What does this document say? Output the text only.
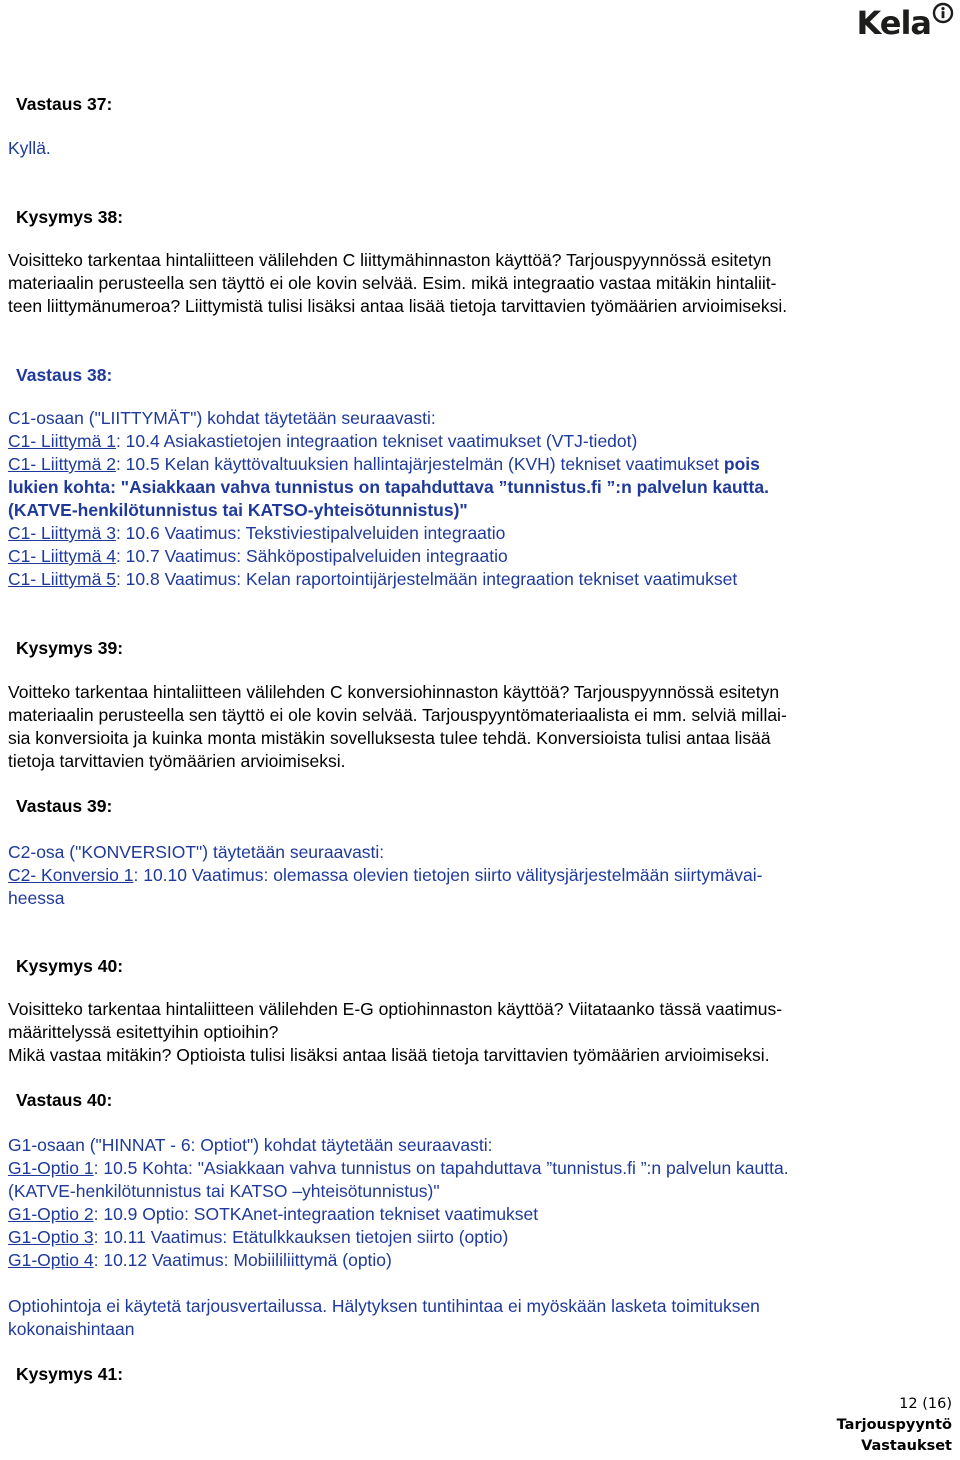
Kela
Vastaus 37:
Kyllä.
Kysymys 38:
Voisitteko tarkentaa hintaliitteen välilehden C liittymähinnaston käyttöä? Tarjouspyynnössä esitetyn
materiaalin perusteella sen täyttö ei ole kovin selvää. Esim. mikä integraatio vastaa mitäkin hintaliit-
teen liittymänumeroa? Liittymistä tulisi lisäksi antaa lisää tietoja tarvittavien työmäärien arvioimiseksi.
Vastaus 38:
C1-osaan ("LIITTYMÄT") kohdat täytetään seuraavasti:
C1- Liittymä 1: 10.4 Asiakastietojen integraation tekniset vaatimukset (VTJ-tiedot)
C1- Liittymä 2: 10.5 Kelan käyttövaltuuksien hallintajärjestelmän (KVH) tekniset vaatimukset pois
lukien kohta: "Asiakkaan vahva tunnistus on tapahduttava ”tunnistus.fi ”:n palvelun kautta.
(KATVE-henkilötunnistus tai KATSO-yhteisötunnistus)"
C1- Liittymä 3: 10.6 Vaatimus: Tekstiviestipalveluiden integraatio
C1- Liittymä 4: 10.7 Vaatimus: Sähköpostipalveluiden integraatio
C1- Liittymä 5: 10.8 Vaatimus: Kelan raportointijärjestelmään integraation tekniset vaatimukset
Kysymys 39:
Voitteko tarkentaa hintaliitteen välilehden C konversiohinnaston käyttöä? Tarjouspyynnössä esitetyn
materiaalin perusteella sen täyttö ei ole kovin selvää. Tarjouspyyntömateriaalista ei mm. selviä millai-
sia konversioita ja kuinka monta mistäkin sovelluksesta tulee tehdä. Konversioista tulisi antaa lisää
tietoja tarvittavien työmäärien arvioimiseksi.
Vastaus 39:
C2-osa ("KONVERSIOT") täytetään seuraavasti:
C2- Konversio 1: 10.10 Vaatimus: olemassa olevien tietojen siirto välitysjärjestelmään siirtymävai-
heessa
Kysymys 40:
Voisitteko tarkentaa hintaliitteen välilehden E-G optiohinnaston käyttöä? Viitataanko tässä vaatimus-
määrittelyssä esitettyihin optioihin?
Mikä vastaa mitäkin? Optioista tulisi lisäksi antaa lisää tietoja tarvittavien työmäärien arvioimiseksi.
Vastaus 40:
G1-osaan ("HINNAT - 6: Optiot") kohdat täytetään seuraavasti:
G1-Optio 1: 10.5 Kohta: "Asiakkaan vahva tunnistus on tapahduttava ”tunnistus.fi ”:n palvelun kautta.
(KATVE-henkilötunnistus tai KATSO –yhteisötunnistus)"
G1-Optio 2: 10.9 Optio: SOTKAnet-integraation tekniset vaatimukset
G1-Optio 3: 10.11 Vaatimus: Etätulkkauksen tietojen siirto (optio)
G1-Optio 4: 10.12 Vaatimus: Mobiililiittymä (optio)
Optiohintoja ei käytetä tarjousvertailussa. Hälytyksen tuntihintaa ei myöskään lasketa toimituksen
kokonaishintaan
Kysymys 41:
12 (16)
Tarjouspyyntö
Vastaukset
